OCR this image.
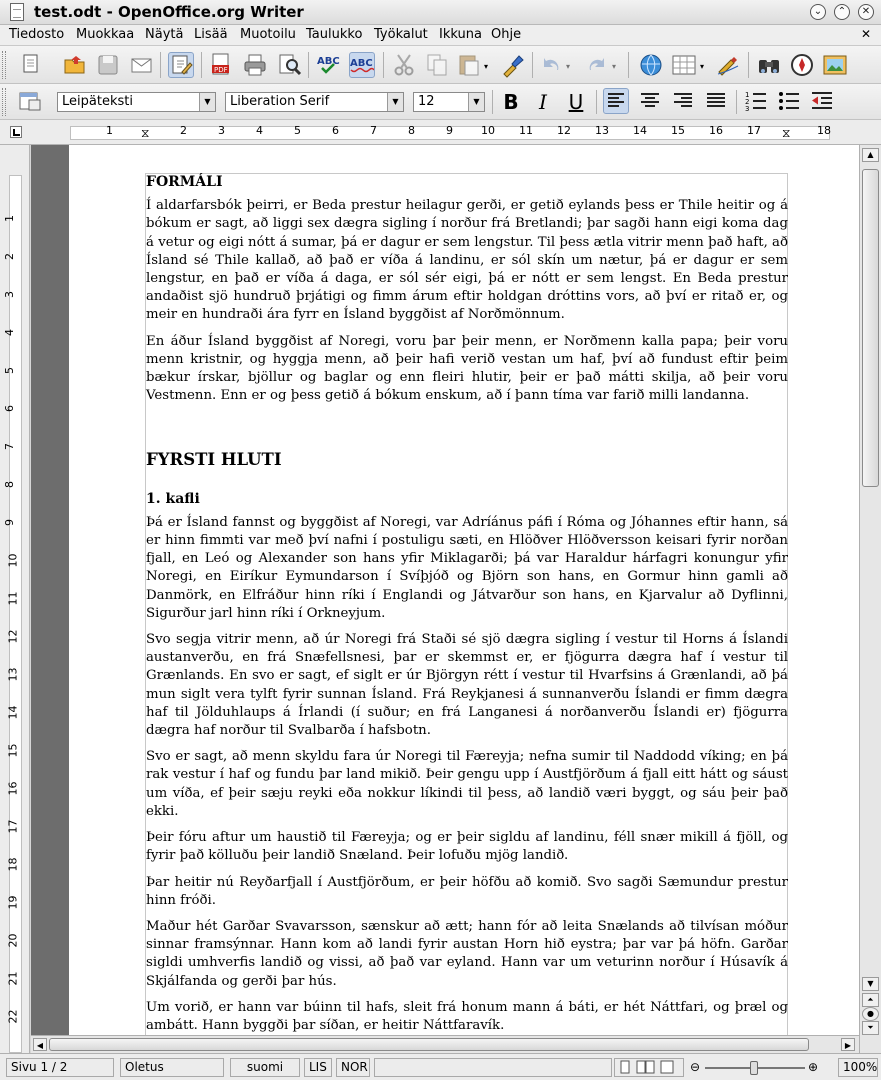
test.odt - OpenOffice.org Writer	⌄	⌃	✕
Tiedosto Muokkaa Näytä Lisää Muotoilu Taulukko Työkalut Ikkuna Ohje	✕
PDF
ABC ABC	▾	▾	▾	▾
Leipäteksti	▼	Liberation Serif	▼	12	▼ B	I	U	1
2
3
⧖	⧖
1	2	3	4	5	6	7	8	9	10 11 12 13 14 15 16 17	18
1
2
3
4
5
6
7
8
9
10
11
12
13
14
15
16
17
18
19
20
21
22
FORMÁLI

Í aldarfarsbók þeirri, er Beda prestur heilagur gerði, er getið eylands þess er Thile heitir og á bókum er sagt, að liggi sex dægra sigling í norður frá Bretlandi; þar sagði hann eigi koma dag á vetur og eigi nótt á sumar, þá er dagur er sem lengstur. Til þess ætla vitrir menn það haft, að Ísland sé Thile kallað, að það er víða á landinu, er sól skín um nætur, þá er dagur er sem lengstur, en það er víða á daga, er sól sér eigi, þá er nótt er sem lengst. En Beda prestur andaðist sjö hundruð þrjátigi og fimm árum eftir holdgan dróttins vors, að því er ritað er, og meir en hundraði ára fyrr en Ísland byggðist af Norðmönnum.

En áður Ísland byggðist af Noregi, voru þar þeir menn, er Norðmenn kalla papa; þeir voru menn kristnir, og hyggja menn, að þeir hafi verið vestan um haf, því að fundust eftir þeim bækur írskar, bjöllur og baglar og enn fleiri hlutir, þeir er það mátti skilja, að þeir voru Vestmenn. Enn er og þess getið á bókum enskum, að í þann tíma var farið milli landanna.

FYRSTI HLUTI
1. kafli

Þá er Ísland fannst og byggðist af Noregi, var Adríánus páfi í Róma og Jóhannes eftir hann, sá er hinn fimmti var með því nafni í postuligu sæti, en Hlöðver Hlöðversson keisari fyrir norðan fjall, en Leó og Alexander son hans yfir Miklagarði; þá var Haraldur hárfagri konungur yfir Noregi, en Eiríkur Eymundarson í Svíþjóð og Björn son hans, en Gormur hinn gamli að Danmörk, en Elfráður hinn ríki í Englandi og Játvarður son hans, en Kjarvalur að Dyflinni, Sigurður jarl hinn ríki í Orkneyjum.

Svo segja vitrir menn, að úr Noregi frá Staði sé sjö dægra sigling í vestur til Horns á Íslandi austanverðu, en frá Snæfellsnesi, þar er skemmst er, er fjögurra dægra haf í vestur til Grænlands. En svo er sagt, ef siglt er úr Björgyn rétt í vestur til Hvarfsins á Grænlandi, að þá mun siglt vera tylft fyrir sunnan Ísland. Frá Reykjanesi á sunnanverðu Íslandi er fimm dægra haf til Jölduhlaups á Írlandi (í suður; en frá Langanesi á norðanverðu Íslandi er) fjögurra dægra haf norður til Svalbarða í hafsbotn.

Svo er sagt, að menn skyldu fara úr Noregi til Færeyja; nefna sumir til Naddodd víking; en þá rak vestur í haf og fundu þar land mikið. Þeir gengu upp í Austfjörðum á fjall eitt hátt og sáust um víða, ef þeir sæju reyki eða nokkur líkindi til þess, að landið væri byggt, og sáu þeir það ekki.

Þeir fóru aftur um haustið til Færeyja; og er þeir sigldu af landinu, féll snær mikill á fjöll, og fyrir það kölluðu þeir landið Snæland. Þeir lofuðu mjög landið.

Þar heitir nú Reyðarfjall í Austfjörðum, er þeir höfðu að komið. Svo sagði Sæmundur prestur hinn fróði.

Maður hét Garðar Svavarsson, sænskur að ætt; hann fór að leita Snælands að tilvísan móður sinnar framsýnnar. Hann kom að landi fyrir austan Horn hið eystra; þar var þá höfn. Garðar sigldi umhverfis landið og vissi, að það var eyland. Hann var um veturinn norður í Húsavík á Skjálfanda og gerði þar hús.

Um vorið, er hann var búinn til hafs, sleit frá honum mann á báti, er hét Náttfari, og þræl og ambátt. Hann byggði þar síðan, er heitir Náttfaravík.

▲
▼
⏶
●
⏷
◀	▶
Sivu 1 / 2	Oletus	suomi	LIS	NOR	⊖	⊕	100%
